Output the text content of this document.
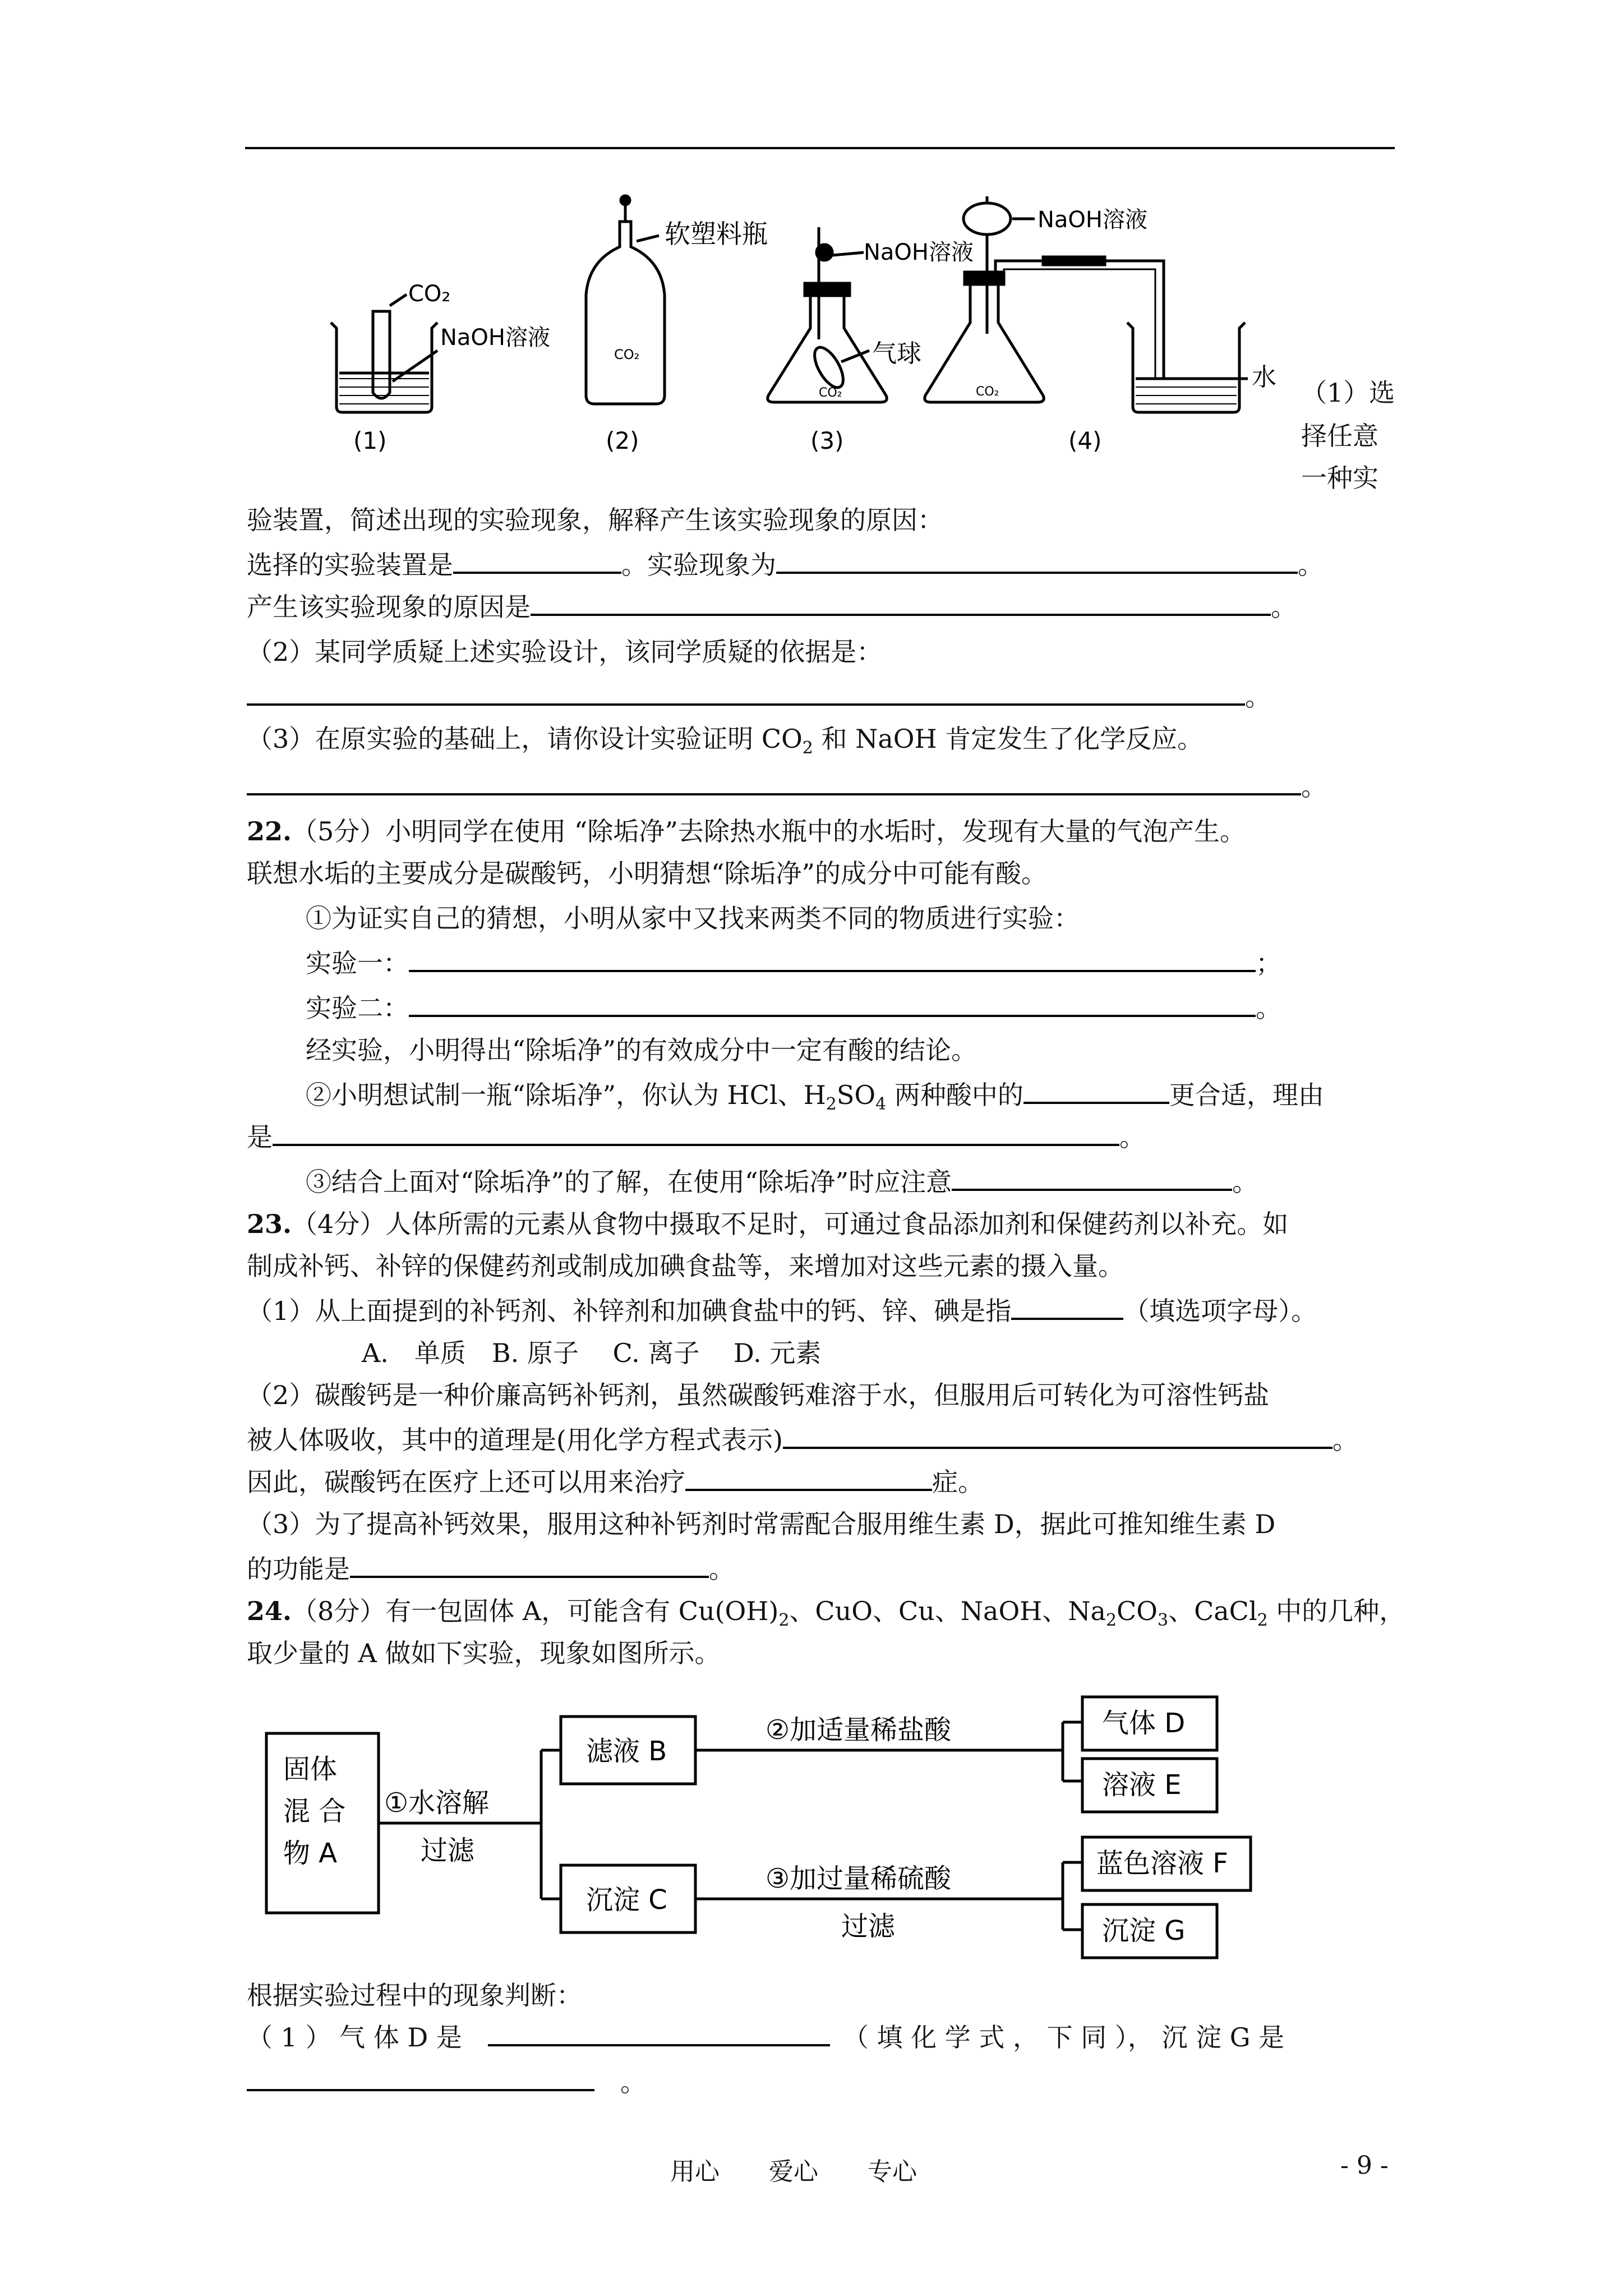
CO₂
NaOH溶液
软塑料瓶
CO₂
NaOH溶液
气球
CO₂
NaOH溶液
CO₂
水
(1)	(2)	(3)	(4)
（1）选
择任意
一种实
验装置，简述出现的实验现象，解释产生该实验现象的原因：
选择的实验装置是	。实验现象为	。
产生该实验现象的原因是	。
（2）某同学质疑上述实验设计，该同学质疑的依据是：
。
（3）在原实验的基础上，请你设计实验证明 $CO_2$ 和 NaOH 肯定发生了化学反应。
。
22.（5分）小明同学在使用 “除垢净”去除热水瓶中的水垢时，发现有大量的气泡产生。
联想水垢的主要成分是碳酸钙，小明猜想“除垢净”的成分中可能有酸。
①为证实自己的猜想，小明从家中又找来两类不同的物质进行实验：
实验一：	；
实验二：	。
经实验，小明得出“除垢净”的有效成分中一定有酸的结论。
②小明想试制一瓶“除垢净”，你认为 HCl、$H_2SO_4$ 两种酸中的	更合适，理由
是	。
③结合上面对“除垢净”的了解，在使用“除垢净”时应注意	。
23.（4分）人体所需的元素从食物中摄取不足时，可通过食品添加剂和保健药剂以补充。如
制成补钙、补锌的保健药剂或制成加碘食盐等，来增加对这些元素的摄入量。
（1）从上面提到的补钙剂、补锌剂和加碘食盐中的钙、锌、碘是指	（填选项字母）。
A.　单质　B. 原子　 C. 离子　 D. 元素
（2）碳酸钙是一种价廉高钙补钙剂，虽然碳酸钙难溶于水，但服用后可转化为可溶性钙盐
被人体吸收，其中的道理是(用化学方程式表示)	。
因此，碳酸钙在医疗上还可以用来治疗	症。
（3）为了提高补钙效果，服用这种补钙剂时常需配合服用维生素 D，据此可推知维生素 D
的功能是	。
24.（8分）有一包固体 A，可能含有 $Cu(OH)_2$、CuO、Cu、NaOH、$Na_2CO_3$、CaCl$_2$ 中的几种，
取少量的 A 做如下实验，现象如图所示。
固体
混 合
物 A
①水溶解
过滤
滤液 B
沉淀 C
②加适量稀盐酸
③加过量稀硫酸
过滤
气体 D
溶液 E
蓝色溶液 F
沉淀 G
根据实验过程中的现象判断：
（ 1 ） 气 体 D 是　　	（ 填 化 学 式 ， 下 同 ）， 沉 淀 G 是
　。
用心　　爱心　　专心	- 9 -
